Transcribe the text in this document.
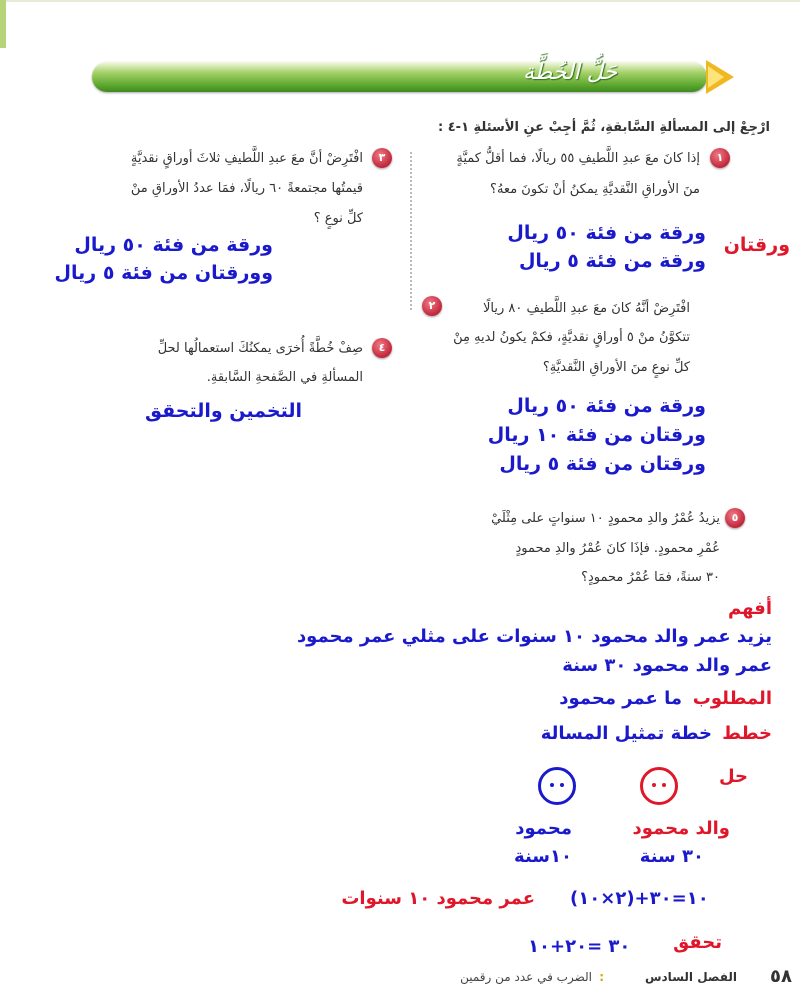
حَلُّ الخُطَّة
ارْجِعْ إلى المسألةِ السَّابقةِ، ثُمَّ أجِبْ عنِ الأسئلةِ ١-٤ :
١
إذا كانَ معَ عبدِ اللَّطيفِ ٥٥ ريالًا، فما أقلُّ كميَّةٍ
منَ الأوراقِ النَّقديَّةِ يمكنُ أنْ تكونَ معهُ؟
ورقة من فئة ٥٠ ريال
ورقتان
ورقة من فئة ٥ ريال
٣
افْتَرِضْ أنَّ معَ عبدِ اللَّطيفِ ثلاثَ أوراقٍ نقديَّةٍ
قيمتُها مجتمعةً ٦٠ ريالًا، فمَا عددُ الأوراقِ منْ
كلِّ نوعٍ ؟
ورقة من فئة ٥٠ ريال
وورقتان من فئة ٥ ريال
٢	افْتَرِضْ أنَّهُ كانَ معَ عبدِ اللَّطيفِ ٨٠ ريالًا
تتكوَّنُ منْ ٥ أوراقٍ نقديَّةٍ، فكمْ يكونُ لديهِ مِنْ
كلِّ نوعٍ منَ الأوراقِ النَّقديَّةِ؟
ورقة من فئة ٥٠ ريال
ورقتان من فئة ١٠ ريال
ورقتان من فئة ٥ ريال
٤
صِفْ خُطَّةً أُخرَى يمكنُكَ استعمالُها لحلِّ
المسألةِ في الصَّفحةِ السَّابقةِ.
التخمين والتحقق
٥
يزيدُ عُمْرُ والدِ محمودٍ ١٠ سنواتٍ على مِثْلَيْ
عُمْرِ محمودٍ. فإذَا كانَ عُمْرُ والدِ محمودٍ
٣٠ سنةً، فمَا عُمْرُ محمودٍ؟
أفهم
يزيد عمر والد محمود ١٠ سنوات على مثلي عمر محمود
عمر والد محمود ٣٠ سنة
المطلوب
ما عمر محمود
خطط
خطة تمثيل المسالة
حل
والد محمود
٣٠ سنة
محمود
١٠سنة
(٢×١٠)+١٠=٣٠
عمر محمود ١٠ سنوات
تحقق
٣٠ =٢٠+١٠
٥٨
الفصل السادس
:
الضرب في عدد من رقمين
